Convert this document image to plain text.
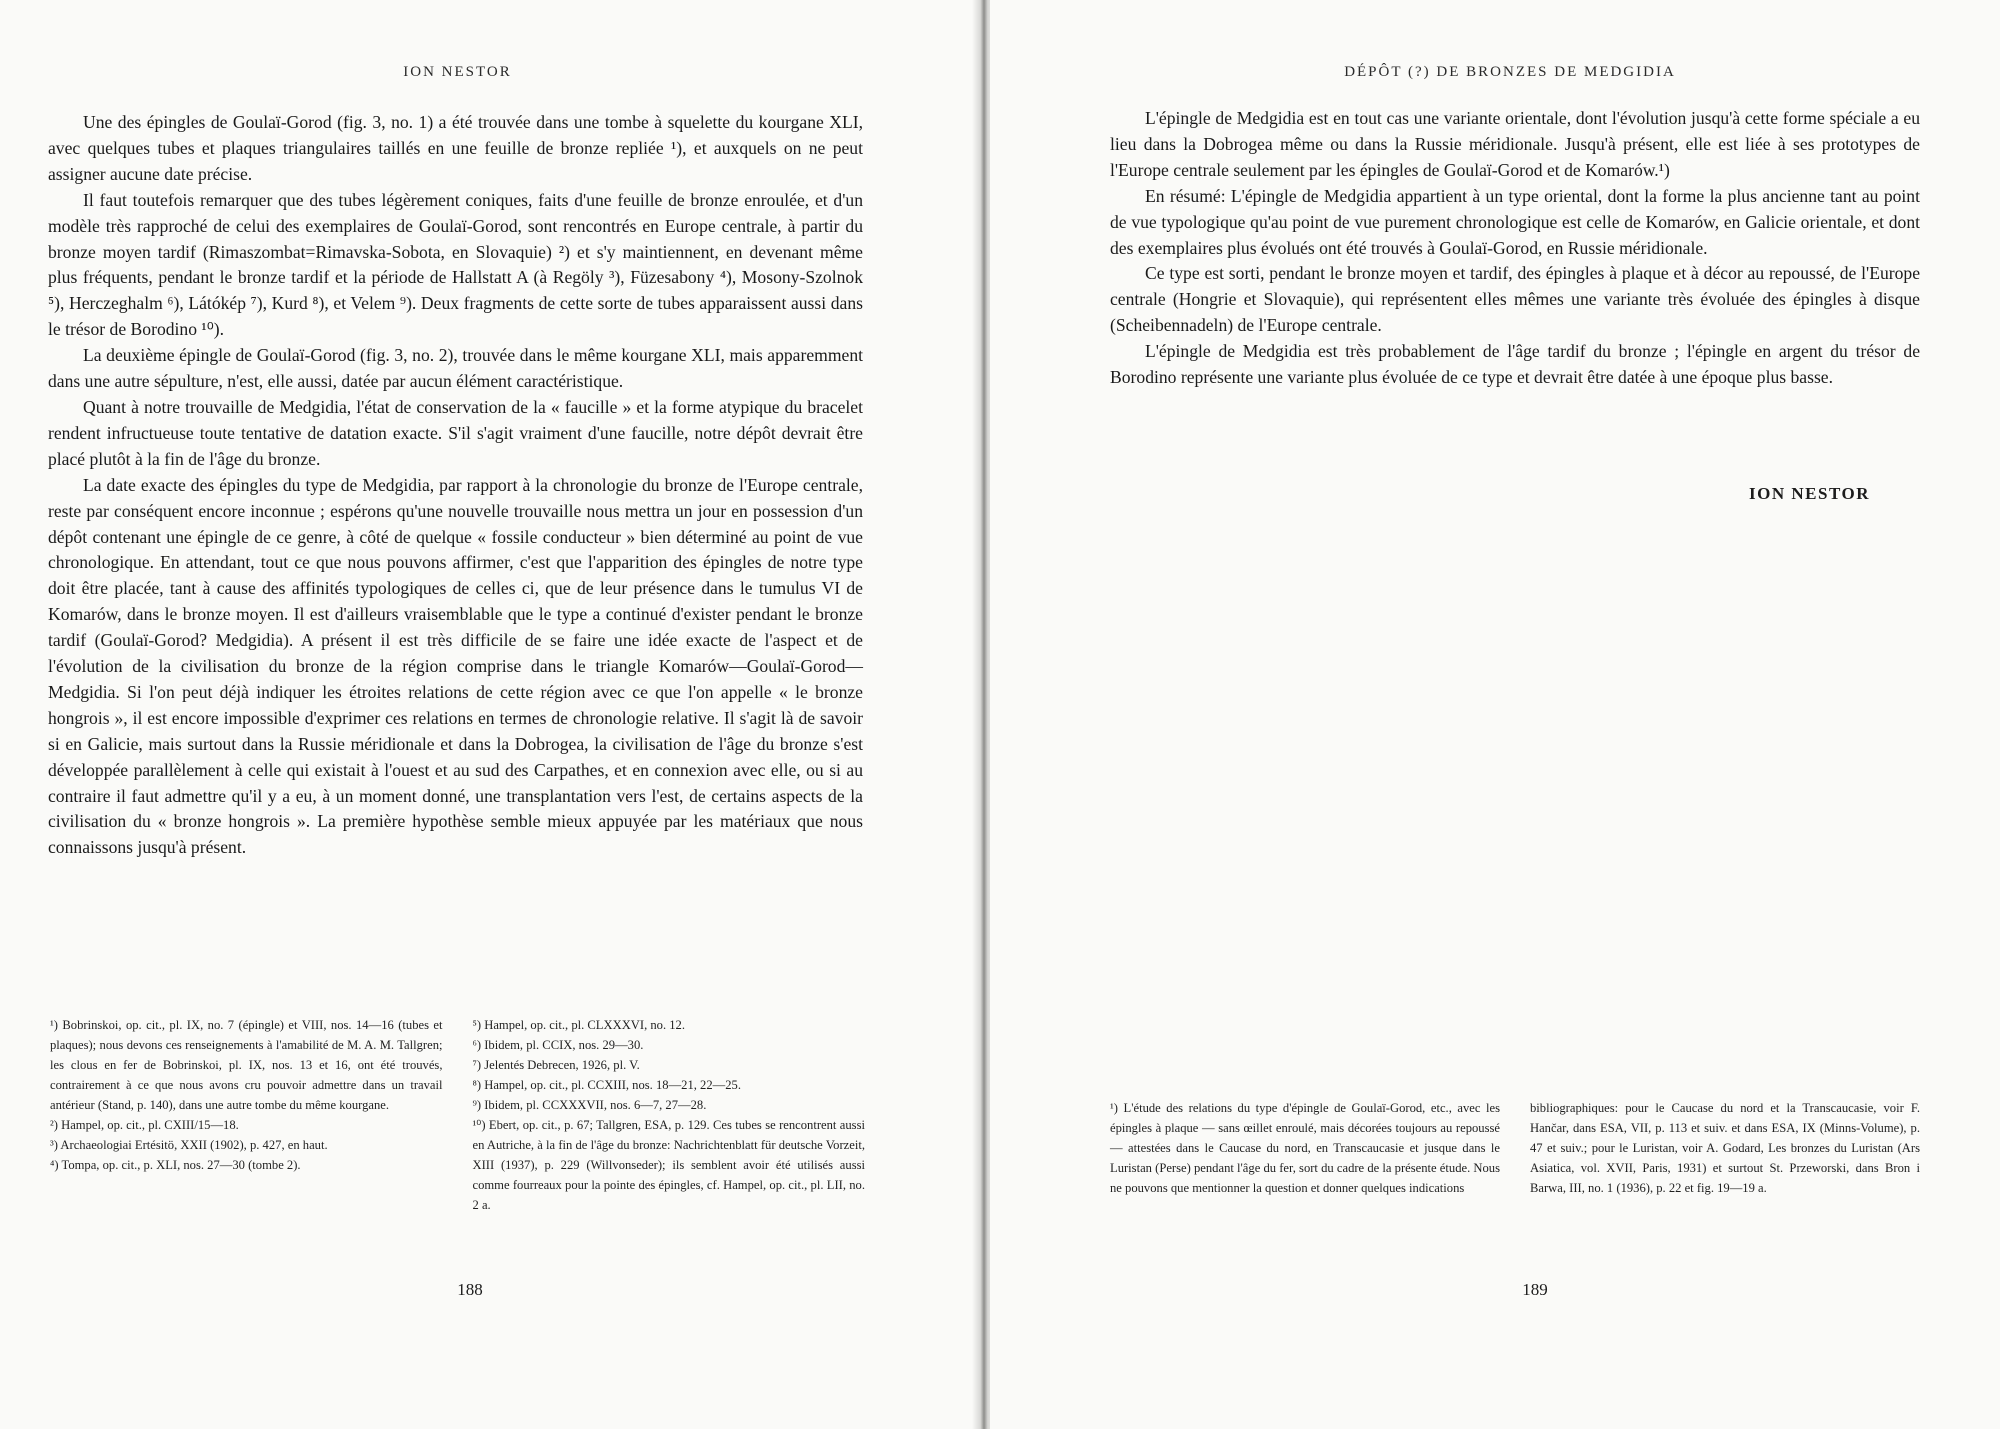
ION NESTOR

Une des épingles de Goulaï-Gorod (fig. 3, no. 1) a été trouvée dans une tombe à squelette du kourgane XLI, avec quelques tubes et plaques triangulaires taillés en une feuille de bronze repliée ¹), et auxquels on ne peut assigner aucune date précise.

Il faut toutefois remarquer que des tubes légèrement coniques, faits d'une feuille de bronze enroulée, et d'un modèle très rapproché de celui des exemplaires de Goulaï-Gorod, sont rencontrés en Europe centrale, à partir du bronze moyen tardif (Rimaszombat=Rimavska-Sobota, en Slovaquie) ²) et s'y maintiennent, en devenant même plus fréquents, pendant le bronze tardif et la période de Hallstatt A (à Regöly ³), Füzesabony ⁴), Mosony-Szolnok ⁵), Herczeghalm ⁶), Látókép ⁷), Kurd ⁸), et Velem ⁹). Deux fragments de cette sorte de tubes apparaissent aussi dans le trésor de Borodino ¹⁰).

La deuxième épingle de Goulaï-Gorod (fig. 3, no. 2), trouvée dans le même kourgane XLI, mais apparemment dans une autre sépulture, n'est, elle aussi, datée par aucun élément caractéristique.

Quant à notre trouvaille de Medgidia, l'état de conservation de la « faucille » et la forme atypique du bracelet rendent infructueuse toute tentative de datation exacte. S'il s'agit vraiment d'une faucille, notre dépôt devrait être placé plutôt à la fin de l'âge du bronze.

La date exacte des épingles du type de Medgidia, par rapport à la chronologie du bronze de l'Europe centrale, reste par conséquent encore inconnue ; espérons qu'une nouvelle trouvaille nous mettra un jour en possession d'un dépôt contenant une épingle de ce genre, à côté de quelque « fossile conducteur » bien déterminé au point de vue chronologique. En attendant, tout ce que nous pouvons affirmer, c'est que l'apparition des épingles de notre type doit être placée, tant à cause des affinités typologiques de celles ci, que de leur présence dans le tumulus VI de Komarów, dans le bronze moyen. Il est d'ailleurs vraisemblable que le type a continué d'exister pendant le bronze tardif (Goulaï-Gorod? Medgidia). A présent il est très difficile de se faire une idée exacte de l'aspect et de l'évolution de la civilisation du bronze de la région comprise dans le triangle Komarów—Goulaï-Gorod—Medgidia. Si l'on peut déjà indiquer les étroites relations de cette région avec ce que l'on appelle « le bronze hongrois », il est encore impossible d'exprimer ces relations en termes de chronologie relative. Il s'agit là de savoir si en Galicie, mais surtout dans la Russie méridionale et dans la Dobrogea, la civilisation de l'âge du bronze s'est développée parallèlement à celle qui existait à l'ouest et au sud des Carpathes, et en connexion avec elle, ou si au contraire il faut admettre qu'il y a eu, à un moment donné, une transplantation vers l'est, de certains aspects de la civilisation du « bronze hongrois ». La première hypothèse semble mieux appuyée par les matériaux que nous connaissons jusqu'à présent.

¹) Bobrinskoi, op. cit., pl. IX, no. 7 (épingle) et VIII, nos. 14—16 (tubes et plaques); nous devons ces renseignements à l'amabilité de M. A. M. Tallgren; les clous en fer de Bobrinskoi, pl. IX, nos. 13 et 16, ont été trouvés, contrairement à ce que nous avons cru pouvoir admettre dans un travail antérieur (Stand, p. 140), dans une autre tombe du même kourgane.

²) Hampel, op. cit., pl. CXIII/15—18.

³) Archaeologiai Ertésitö, XXII (1902), p. 427, en haut.

⁴) Tompa, op. cit., p. XLI, nos. 27—30 (tombe 2).

⁵) Hampel, op. cit., pl. CLXXXVI, no. 12.

⁶) Ibidem, pl. CCIX, nos. 29—30.

⁷) Jelentés Debrecen, 1926, pl. V.

⁸) Hampel, op. cit., pl. CCXIII, nos. 18—21, 22—25.

⁹) Ibidem, pl. CCXXXVII, nos. 6—7, 27—28.

¹⁰) Ebert, op. cit., p. 67; Tallgren, ESA, p. 129. Ces tubes se rencontrent aussi en Autriche, à la fin de l'âge du bronze: Nachrichtenblatt für deutsche Vorzeit, XIII (1937), p. 229 (Willvonseder); ils semblent avoir été utilisés aussi comme fourreaux pour la pointe des épingles, cf. Hampel, op. cit., pl. LII, no. 2 a.

188
DÉPÔT (?) DE BRONZES DE MEDGIDIA

L'épingle de Medgidia est en tout cas une variante orientale, dont l'évolution jusqu'à cette forme spéciale a eu lieu dans la Dobrogea même ou dans la Russie méridionale. Jusqu'à présent, elle est liée à ses prototypes de l'Europe centrale seulement par les épingles de Goulaï-Gorod et de Komarów.¹)

En résumé: L'épingle de Medgidia appartient à un type oriental, dont la forme la plus ancienne tant au point de vue typologique qu'au point de vue purement chronologique est celle de Komarów, en Galicie orientale, et dont des exemplaires plus évolués ont été trouvés à Goulaï-Gorod, en Russie méridionale.

Ce type est sorti, pendant le bronze moyen et tardif, des épingles à plaque et à décor au repoussé, de l'Europe centrale (Hongrie et Slovaquie), qui représentent elles mêmes une variante très évoluée des épingles à disque (Scheibennadeln) de l'Europe centrale.

L'épingle de Medgidia est très probablement de l'âge tardif du bronze ; l'épingle en argent du trésor de Borodino représente une variante plus évoluée de ce type et devrait être datée à une époque plus basse.

ION NESTOR

¹) L'étude des relations du type d'épingle de Goulaï-Gorod, etc., avec les épingles à plaque — sans œillet enroulé, mais décorées toujours au repoussé — attestées dans le Caucase du nord, en Transcaucasie et jusque dans le Luristan (Perse) pendant l'âge du fer, sort du cadre de la présente étude. Nous ne pouvons que mentionner la question et donner quelques indications

bibliographiques: pour le Caucase du nord et la Transcaucasie, voir F. Hančar, dans ESA, VII, p. 113 et suiv. et dans ESA, IX (Minns-Volume), p. 47 et suiv.; pour le Luristan, voir A. Godard, Les bronzes du Luristan (Ars Asiatica, vol. XVII, Paris, 1931) et surtout St. Przeworski, dans Bron i Barwa, III, no. 1 (1936), p. 22 et fig. 19—19 a.

189
